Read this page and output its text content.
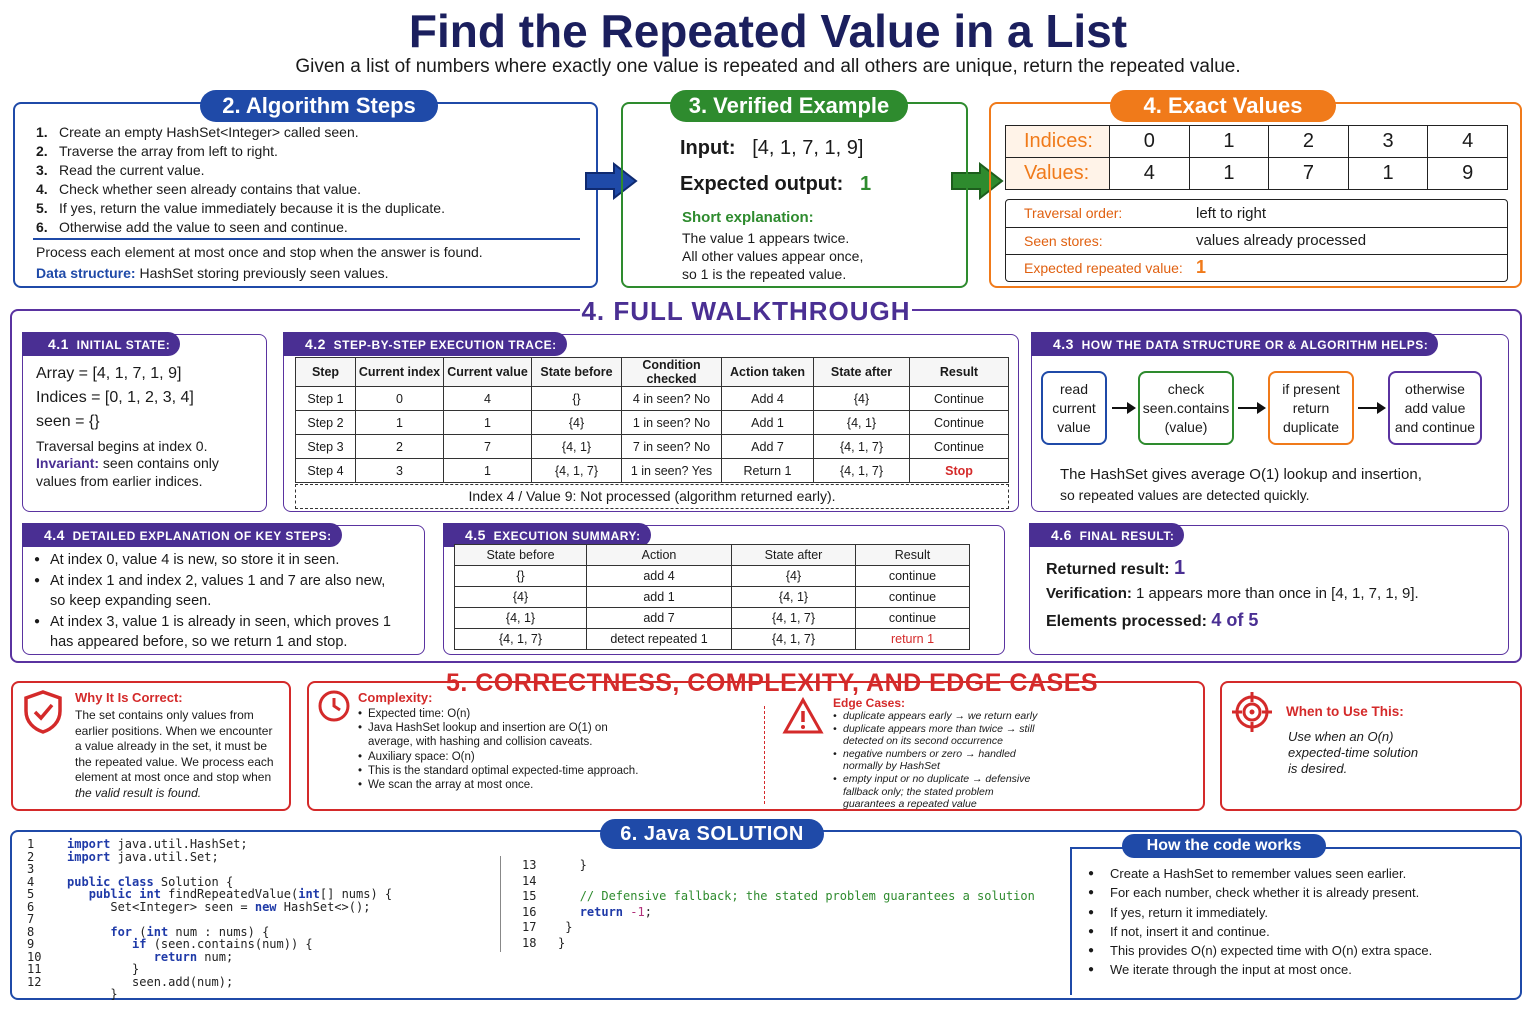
Find the Repeated Value in a List
Given a list of numbers where exactly one value is repeated and all others are unique, return the repeated value.
2. Algorithm Steps
1. Create an empty HashSet<Integer> called seen.
2. Traverse the array from left to right.
3. Read the current value.
4. Check whether seen already contains that value.
5. If yes, return the value immediately because it is the duplicate.
6. Otherwise add the value to seen and continue.
Process each element at most once and stop when the answer is found.
Data structure: HashSet storing previously seen values.
3. Verified Example
Input: [4, 1, 7, 1, 9]
Expected output: 1
Short explanation:
The value 1 appears twice.
All other values appear once,
so 1 is the repeated value.
4. Exact Values
Indices:	0	1	2	3	4
Values:	4	1	7	1	9
Traversal order:	left to right
Seen stores:	values already processed
Expected repeated value:	1
4. FULL WALKTHROUGH
4.1 INITIAL STATE:
Array = [4, 1, 7, 1, 9]
Indices = [0, 1, 2, 3, 4]
seen = {}
Traversal begins at index 0.
Invariant: seen contains only
values from earlier indices.
4.2 STEP-BY-STEP EXECUTION TRACE:
Step	Current index	Current value	State before	Condition checked	Action taken	State after	Result
Step 1	0	4	{}	4 in seen? No	Add 4	{4}	Continue
Step 2	1	1	{4}	1 in seen? No	Add 1	{4, 1}	Continue
Step 3	2	7	{4, 1}	7 in seen? No	Add 7	{4, 1, 7}	Continue
Step 4	3	1	{4, 1, 7}	1 in seen? Yes	Return 1	{4, 1, 7}	Stop
Index 4 / Value 9: Not processed (algorithm returned early).
4.3 HOW THE DATA STRUCTURE OR & ALGORITHM HELPS:
read
current
value
check
seen.contains
(value)
if present
return
duplicate
otherwise
add value
and continue
The HashSet gives average O(1) lookup and insertion,
so repeated values are detected quickly.
4.4 DETAILED EXPLANATION OF KEY STEPS:
● At index 0, value 4 is new, so store it in seen.
● At index 1 and index 2, values 1 and 7 are also new, so keep expanding seen.
● At index 3, value 1 is already in seen, which proves 1 has appeared before, so we return 1 and stop.
4.5 EXECUTION SUMMARY:
State before	Action	State after	Result
{}	add 4	{4}	continue
{4}	add 1	{4, 1}	continue
{4, 1}	add 7	{4, 1, 7}	continue
{4, 1, 7}	detect repeated 1	{4, 1, 7}	return 1
4.6 FINAL RESULT:
Returned result: 1
Verification: 1 appears more than once in [4, 1, 7, 1, 9].
Elements processed: 4 of 5
5. CORRECTNESS, COMPLEXITY, AND EDGE CASES
Why It Is Correct:
The set contains only values from
earlier positions. When we encounter
a value already in the set, it must be
the repeated value. We process each
element at most once and stop when
the valid result is found.
Complexity:
• Expected time: O(n)
• Java HashSet lookup and insertion are O(1) on average, with hashing and collision caveats.
• Auxiliary space: O(n)
• This is the standard optimal expected-time approach.
• We scan the array at most once.
Edge Cases:
• duplicate appears early → we return early
• duplicate appears more than twice → still detected on its second occurrence
• negative numbers or zero → handled normally by HashSet
• empty input or no duplicate → defensive fallback only; the stated problem guarantees a repeated value
When to Use This:
Use when an O(n)
expected-time solution
is desired.
6. Java SOLUTION
1
2
3
4
5
6
7
8
9
10
11
12
import java.util.HashSet;
import java.util.Set;

public class Solution {
public int findRepeatedValue(int[] nums) {
Set<Integer> seen = new HashSet<>();

for (int num : nums) {
if (seen.contains(num)) {
return num;
}
seen.add(num);
}
13
14
15
16
17
18
}

// Defensive fallback; the stated problem guarantees a solution
return -1;
}
}
How the code works
● Create a HashSet to remember values seen earlier.
● For each number, check whether it is already present.
● If yes, return it immediately.
● If not, insert it and continue.
● This provides O(n) expected time with O(n) extra space.
● We iterate through the input at most once.
